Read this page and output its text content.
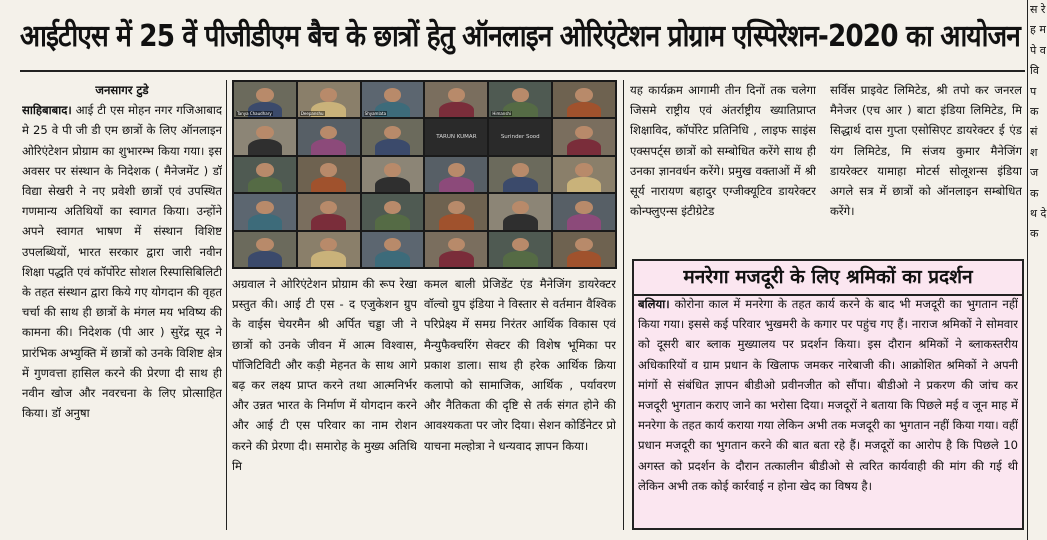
आईटीएस में 25 वें पीजीडीएम बैच के छात्रों हेतु ऑनलाइन ओरिएंटेशन प्रोग्राम एस्पिरेशन-2020 का आयोजन

जनसागर टुडे

साहिबाबाद। आई टी एस मोहन नगर गजिआबाद मे 25 वे पी जी डी एम छात्रों के लिए ऑनलाइन ओरिएंटेशन प्रोग्राम का शुभारम्भ किया गया। इस अवसर पर संस्थान के निदेशक ( मैनेजमेंट ) डॉ विद्या सेखरी ने नए प्रवेशी छात्रों एवं उपस्थित गणमान्य अतिथियों का स्वागत किया। उन्होंने अपने स्वागत भाषण में संस्थान विशिष्ट उपलब्धियों, भारत सरकार द्वारा जारी नवीन शिक्षा पद्धति एवं कॉर्पोरेट सोशल रिस्पासिबिलिटी के तहत संस्थान द्वारा किये गए योगदान की वृहत चर्चा की साथ ही छात्रों के मंगल मय भविष्य की कामना की। निदेशक (पी आर ) सुरेंद्र सूद ने प्रारंभिक अभ्युक्ति में छात्रों को उनके विशिष्ट क्षेत्र में गुणवत्ता हासिल करने की प्रेरणा दी साथ ही नवीन खोज और नवरचना के लिए प्रोत्साहित किया। डॉ अनुषा

Tanya Chaudhary	Deepanshu	Shyamlata	Himanshi
TARUN KUMAR	Surinder Sood

अग्रवाल ने ओरिएंटेशन प्रोग्राम की रूप रेखा प्रस्तुत की। आई टी एस - द एजुकेशन ग्रुप के वाईस चेयरमैन श्री अर्पित चड्डा जी ने छात्रों को उनके जीवन में आत्म विश्वास, पॉजिटिविटी और कड़ी मेहनत के साथ आगे बढ़ कर लक्ष्य प्राप्त करने तथा आत्मनिर्भर और उन्नत भारत के निर्माण में योगदान करने और आई टी एस परिवार का नाम रोशन करने की प्रेरणा दी। समारोह के मुख्य अतिथि मि

कमल बाली प्रेजिडेंट एंड मैनेजिंग डायरेक्टर वॉल्वो ग्रुप इंडिया ने विस्तार से वर्तमान वैश्विक परिप्रेक्ष्य में समग्र निरंतर आर्थिक विकास एवं मैन्युफैक्चरिंग सेक्टर की विशेष भूमिका पर प्रकाश डाला। साथ ही हरेक आर्थिक क्रिया कलापो को सामाजिक, आर्थिक , पर्यावरण और नैतिकता की दृष्टि से तर्क संगत होने की आवश्यकता पर जोर दिया। सेशन कोर्डिनेटर प्रो याचना मल्होत्रा ने धन्यवाद ज्ञापन किया।

यह कार्यक्रम आगामी तीन दिनों तक चलेगा जिसमे राष्ट्रीय एवं अंतर्राष्ट्रीय ख्यातिप्राप्त शिक्षाविद, कॉर्पोरेट प्रतिनिधि , लाइफ साइंस एक्सपर्ट्स छात्रों को सम्बोधित करेंगे साथ ही उनका ज्ञानवर्धन करेंगे। प्रमुख वक्ताओं में श्री सूर्य नारायण बहादुर एग्जीक्यूटिव डायरेक्टर कोन्फ्लुएन्स इंटीग्रेटेड

सर्विस प्राइवेट लिमिटेड, श्री तपो कर जनरल मैनेजर (एच आर ) बाटा इंडिया लिमिटेड, मि सिद्धार्थ दास गुप्ता एसोसिएट डायरेक्टर ई एंड यंग लिमिटेड, मि संजय कुमार मैनेजिंग डायरेक्टर यामाहा मोटर्स सोलूशन्स इंडिया अगले सत्र में छात्रों को ऑनलाइन सम्बोधित करेंगे।

मनरेगा मजदूरी के लिए श्रमिकों का प्रदर्शन
बलिया। कोरोना काल में मनरेगा के तहत कार्य करने के बाद भी मजदूरी का भुगतान नहीं किया गया। इससे कई परिवार भुखमरी के कगार पर पहुंच गए हैं। नाराज श्रमिकों ने सोमवार को दूसरी बार ब्लाक मुख्यालय पर प्रदर्शन किया। इस दौरान श्रमिकों ने ब्लाकस्तरीय अधिकारियों व ग्राम प्रधान के खिलाफ जमकर नारेबाजी की। आक्रोशित श्रमिकों ने अपनी मांगों से संबंधित ज्ञापन बीडीओ प्रवीनजीत को सौंपा। बीडीओ ने प्रकरण की जांच कर मजदूरी भुगतान कराए जाने का भरोसा दिया। मजदूरों ने बताया कि पिछले मई व जून माह में मनरेगा के तहत कार्य कराया गया लेकिन अभी तक मजदूरी का भुगतान नहीं किया गया। वहीं प्रधान मजदूरी का भुगतान करने की बात बता रहे हैं। मजदूरों का आरोप है कि पिछले 10 अगस्त को प्रदर्शन के दौरान तत्कालीन बीडीओ से त्वरित कार्यवाही की मांग की गई थी लेकिन अभी तक कोई कार्रवाई न होना खेद का विषय है।
स रे ह म पे व वि प क सं श ज क थ दे क
